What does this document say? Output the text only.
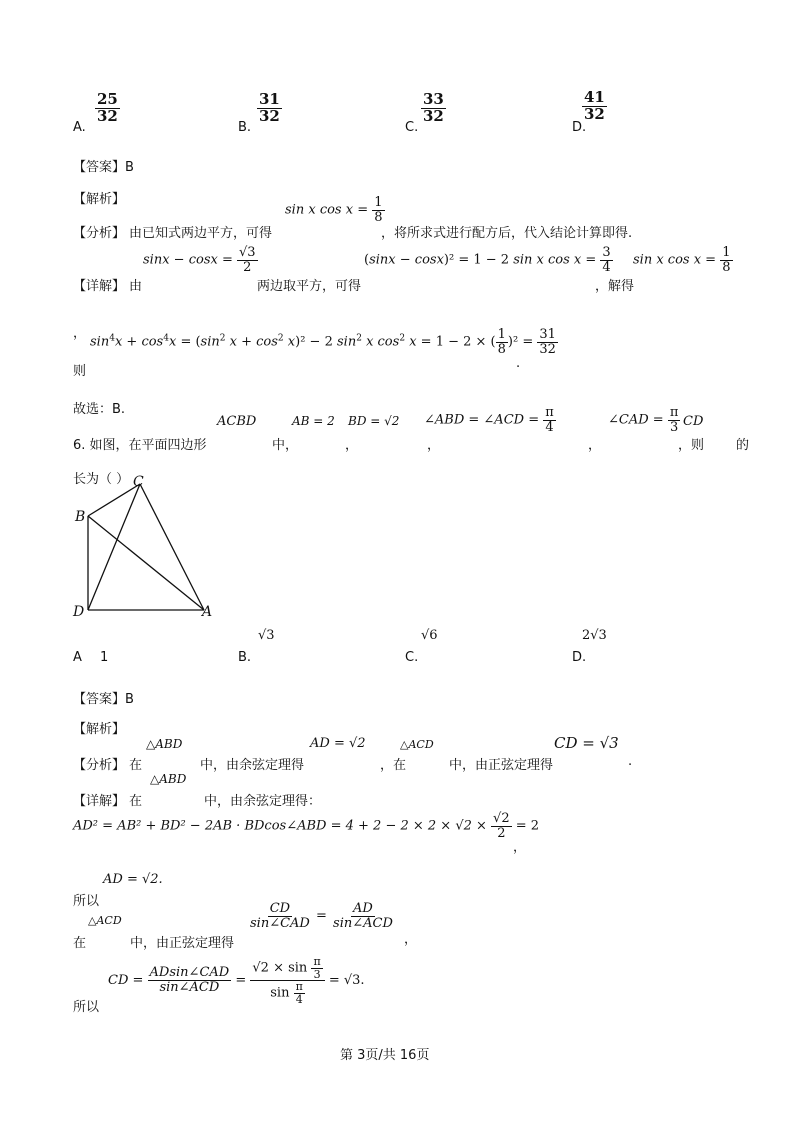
A.
$\frac{25}{32}$
B.
$\frac{31}{32}$
C.
$\frac{33}{32}$
D.
$\frac{41}{32}$
【答案】B
【解析】
【分析】 由已知式两边平方，可得
sin x $\cos x = \frac{1}{8}$
，将所求式进行配方后，代入结论计算即得.
【详解】 由
$\sin x - \cos x = \frac{√3}{2}$
两边取平方，可得
(sinx − cosx)² = 1 − 2 sin x $\cos x = \frac{3}{4}$
，解得
sin x $\cos x = \frac{1}{8}$
，
$\sin^4x + \cos^4x = (\sin^2$ $x + \cos^2 x)^2 - 2$ $\sin^2 x$ $\cos^2 x = 1 - 2$ × ( $\frac{1}{8} )^2 = \frac{31}{32}$
则
.
故选：B.
6. 如图，在平面四边形
ACBD
中，
AB = 2
，
BD = √2
，
∠ABD = ∠ACD = $\frac{\pi}{4}$
，
∠CAD = $\frac{\pi}{3}$
，则
CD
的
长为（ ） C
B
D	A
A 1	B.
√3
C.
√6
D.
2√3
【答案】B
【解析】
【分析】 在
△ABD
中，由余弦定理得
AD = √2
，在
△ACD
中，由正弦定理得
CD = √3
.
【详解】 在
△ABD
中，由余弦定理得：
AD² = AB² + BD² − 2AB · BDcos∠ABD = $4 + 2 - 2 \times 2 \times √2 \times \frac{√2}{2} = 2$
，
AD = √2.
所以
△ACD
在	中，由正弦定理得
$\frac{CD}{\text{sin∠CAD}} = \frac{AD}{\text{sin∠ACD}}$
，
CD = $\frac{\text{ADsin∠CAD}}{\text{sin∠ACD}} = \frac{√2 \times \sin \frac{\pi}{3}}{\sin \frac{\pi}{4}} = √3$.
所以
第 3页/共 16页
